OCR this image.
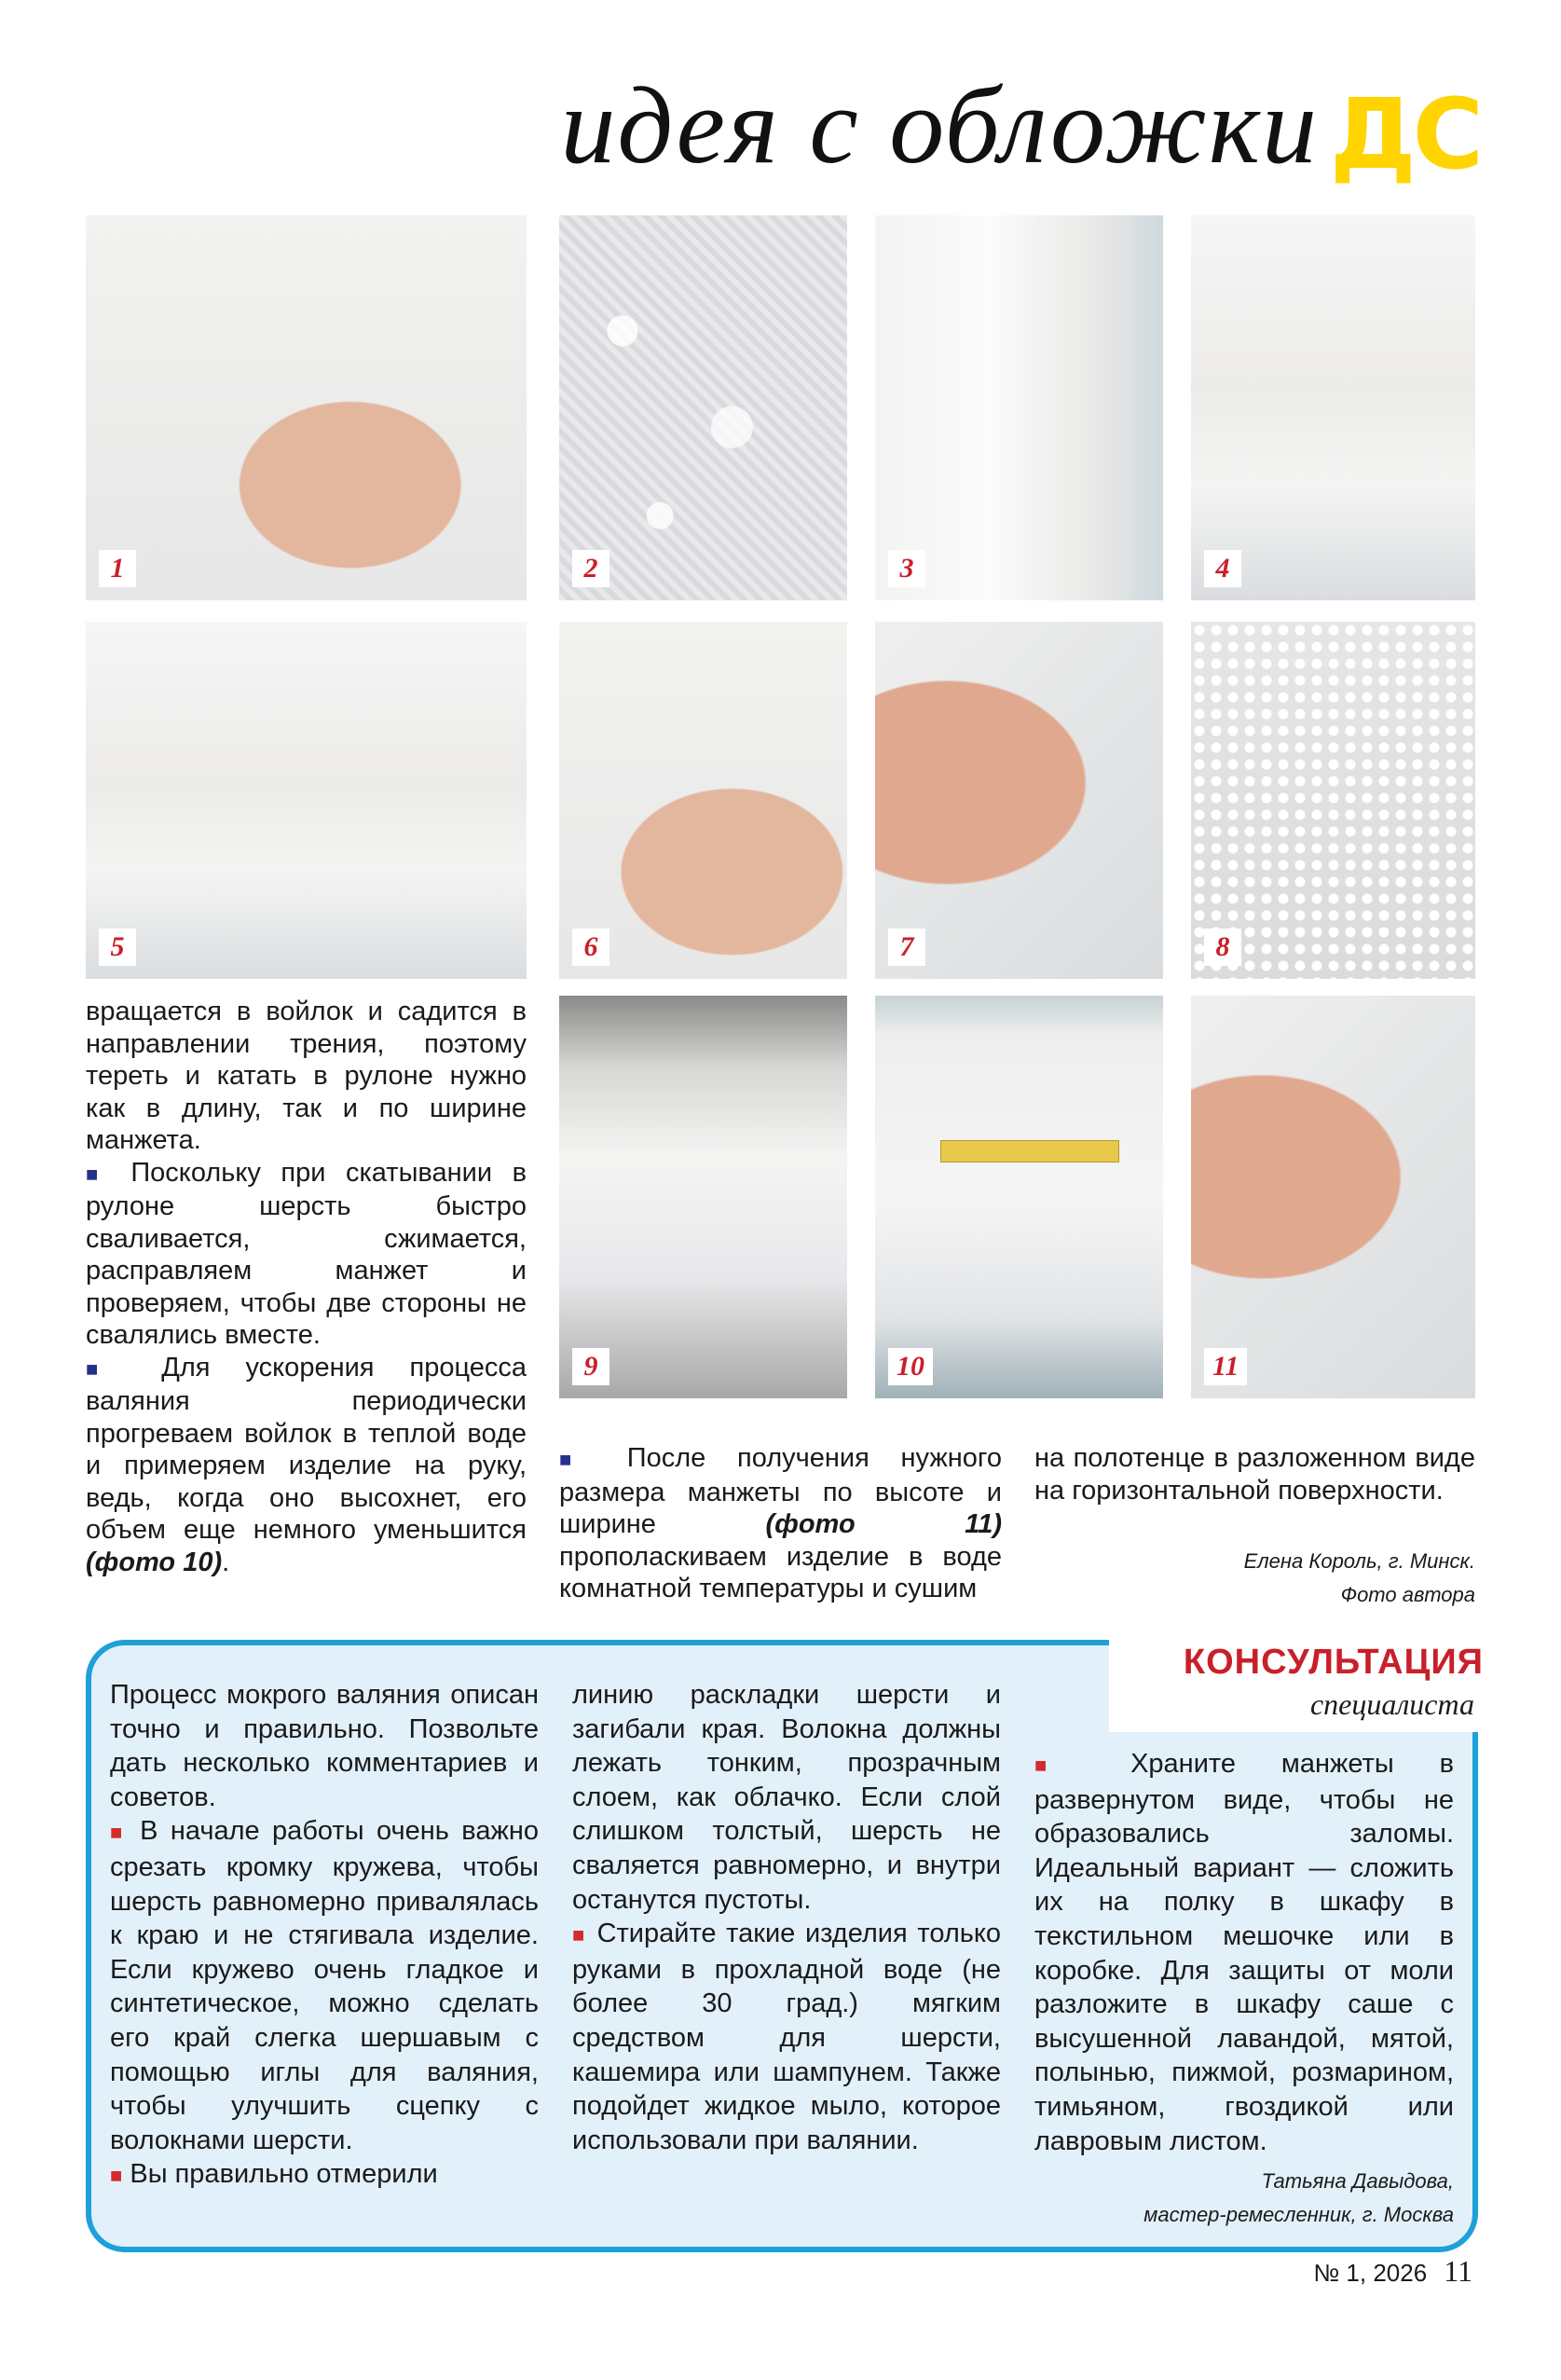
идея с обложки ДС
1	2	3	4
5	6	7	8
9	10	11

вращается в войлок и садится в направлении трения, поэтому тереть и катать в рулоне нужно как в длину, так и по ширине манжета.

■ Поскольку при скатывании в рулоне шерсть быстро сваливается, сжимается, расправляем манжет и проверяем, чтобы две стороны не свалялись вместе.

■ Для ускорения процесса валяния периодически прогреваем войлок в теплой воде и примеряем изделие на руку, ведь, когда оно высохнет, его объем еще немного уменьшится (фото 10).

■ После получения нужного размера манжеты по высоте и ширине	(фото 11) прополаскиваем изделие в воде комнатной температуры и сушим

на полотенце в разложенном виде на горизонтальной поверхности.

Елена Король, г. Минск.
Фото автора
КОНСУЛЬТАЦИЯ
специалиста

Процесс мокрого валяния описан точно и правильно. Позвольте дать несколько комментариев и советов.

■ В начале работы очень важно срезать кромку кружева, чтобы шерсть равномерно привалялась к краю и не стягивала изделие. Если кружево очень гладкое и синтетическое, можно сделать его край слегка шершавым с помощью иглы для валяния, чтобы улучшить сцепку с волокнами шерсти.

■ Вы правильно отмерили

линию раскладки шерсти и загибали края. Волокна должны лежать тонким, прозрачным слоем, как облачко. Если слой слишком толстый, шерсть не сваляется равномерно, и внутри останутся пустоты.

■ Стирайте такие изделия только руками в прохладной воде (не более 30 град.) мягким средством для шерсти, кашемира или шампунем. Также подойдет жидкое мыло, которое использовали при валянии.

■ Храните манжеты в развернутом виде, чтобы не образовались заломы. Идеальный вариант — сложить их на полку в шкафу в текстильном мешочке или в коробке. Для защиты от моли разложите в шкафу саше с высушенной лавандой, мятой, полынью, пижмой, розмарином, тимьяном, гвоздикой или лавровым листом.

Татьяна Давыдова,
мастер-ремесленник, г. Москва
№ 1, 2026 11
